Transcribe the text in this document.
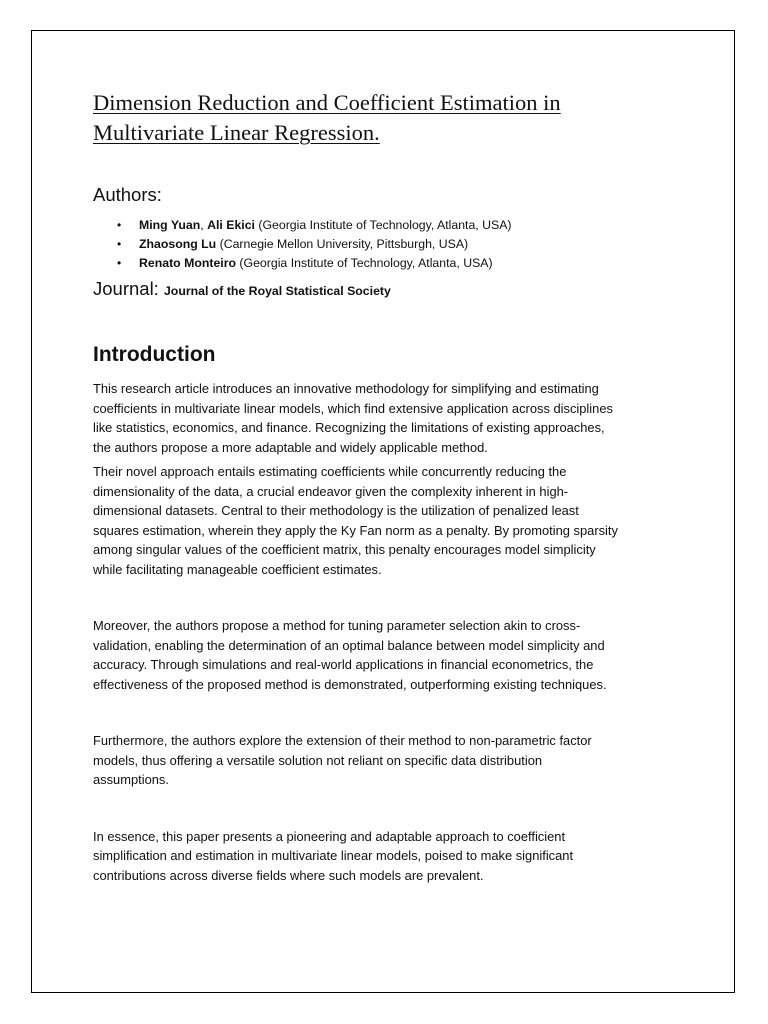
Dimension Reduction and Coefficient Estimation in
Multivariate Linear Regression.
Authors:
• Ming Yuan, Ali Ekici (Georgia Institute of Technology, Atlanta, USA)
• Zhaosong Lu (Carnegie Mellon University, Pittsburgh, USA)
• Renato Monteiro (Georgia Institute of Technology, Atlanta, USA)
Journal: Journal of the Royal Statistical Society
Introduction

This research article introduces an innovative methodology for simplifying and estimating
coefficients in multivariate linear models, which find extensive application across disciplines
like statistics, economics, and finance. Recognizing the limitations of existing approaches,
the authors propose a more adaptable and widely applicable method.

Their novel approach entails estimating coefficients while concurrently reducing the
dimensionality of the data, a crucial endeavor given the complexity inherent in high-
dimensional datasets. Central to their methodology is the utilization of penalized least
squares estimation, wherein they apply the Ky Fan norm as a penalty. By promoting sparsity
among singular values of the coefficient matrix, this penalty encourages model simplicity
while facilitating manageable coefficient estimates.

Moreover, the authors propose a method for tuning parameter selection akin to cross-
validation, enabling the determination of an optimal balance between model simplicity and
accuracy. Through simulations and real-world applications in financial econometrics, the
effectiveness of the proposed method is demonstrated, outperforming existing techniques.

Furthermore, the authors explore the extension of their method to non-parametric factor
models, thus offering a versatile solution not reliant on specific data distribution
assumptions.

In essence, this paper presents a pioneering and adaptable approach to coefficient
simplification and estimation in multivariate linear models, poised to make significant
contributions across diverse fields where such models are prevalent.
